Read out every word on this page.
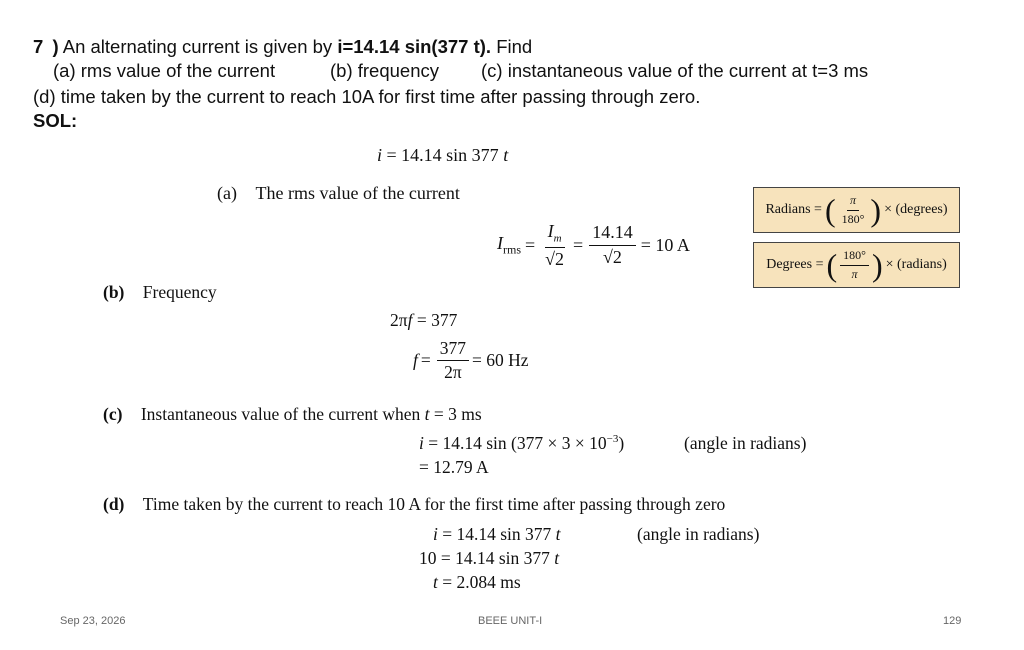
7 ) An alternating current is given by i=14.14 sin(377 t). Find
(a) rms value of the current	(b) frequency (c) instantaneous value of the current at t=3 ms
(d) time taken by the current to reach 10A for first time after passing through zero.
SOL:
i = 14.14 sin 377 t
(a) The rms value of the current
$I_{rms} = \frac{I_m}{√2} = \frac{14.14}{√2} = 10$ A
Radians = ( $\frac{\pi}{180^\circ}$ ) × (degrees)
Degrees = ( $\frac{180^\circ}{\pi}$ ) × (radians)
(b) Frequency
2πf = 377
$f = \frac{377}{2\pi} = 60$ Hz
(c) Instantaneous value of the current when t = 3 ms
i = 14.14 $\sin (377 \times 3 \times 10^{-3})$	(angle in radians)
= 12.79 A
(d) Time taken by the current to reach 10 A for the first time after passing through zero
i = 14.14 sin 377 t	(angle in radians)
10 = 14.14 sin 377 t
t = 2.084 ms
Sep 23, 2026	BEEE UNIT-I	129
